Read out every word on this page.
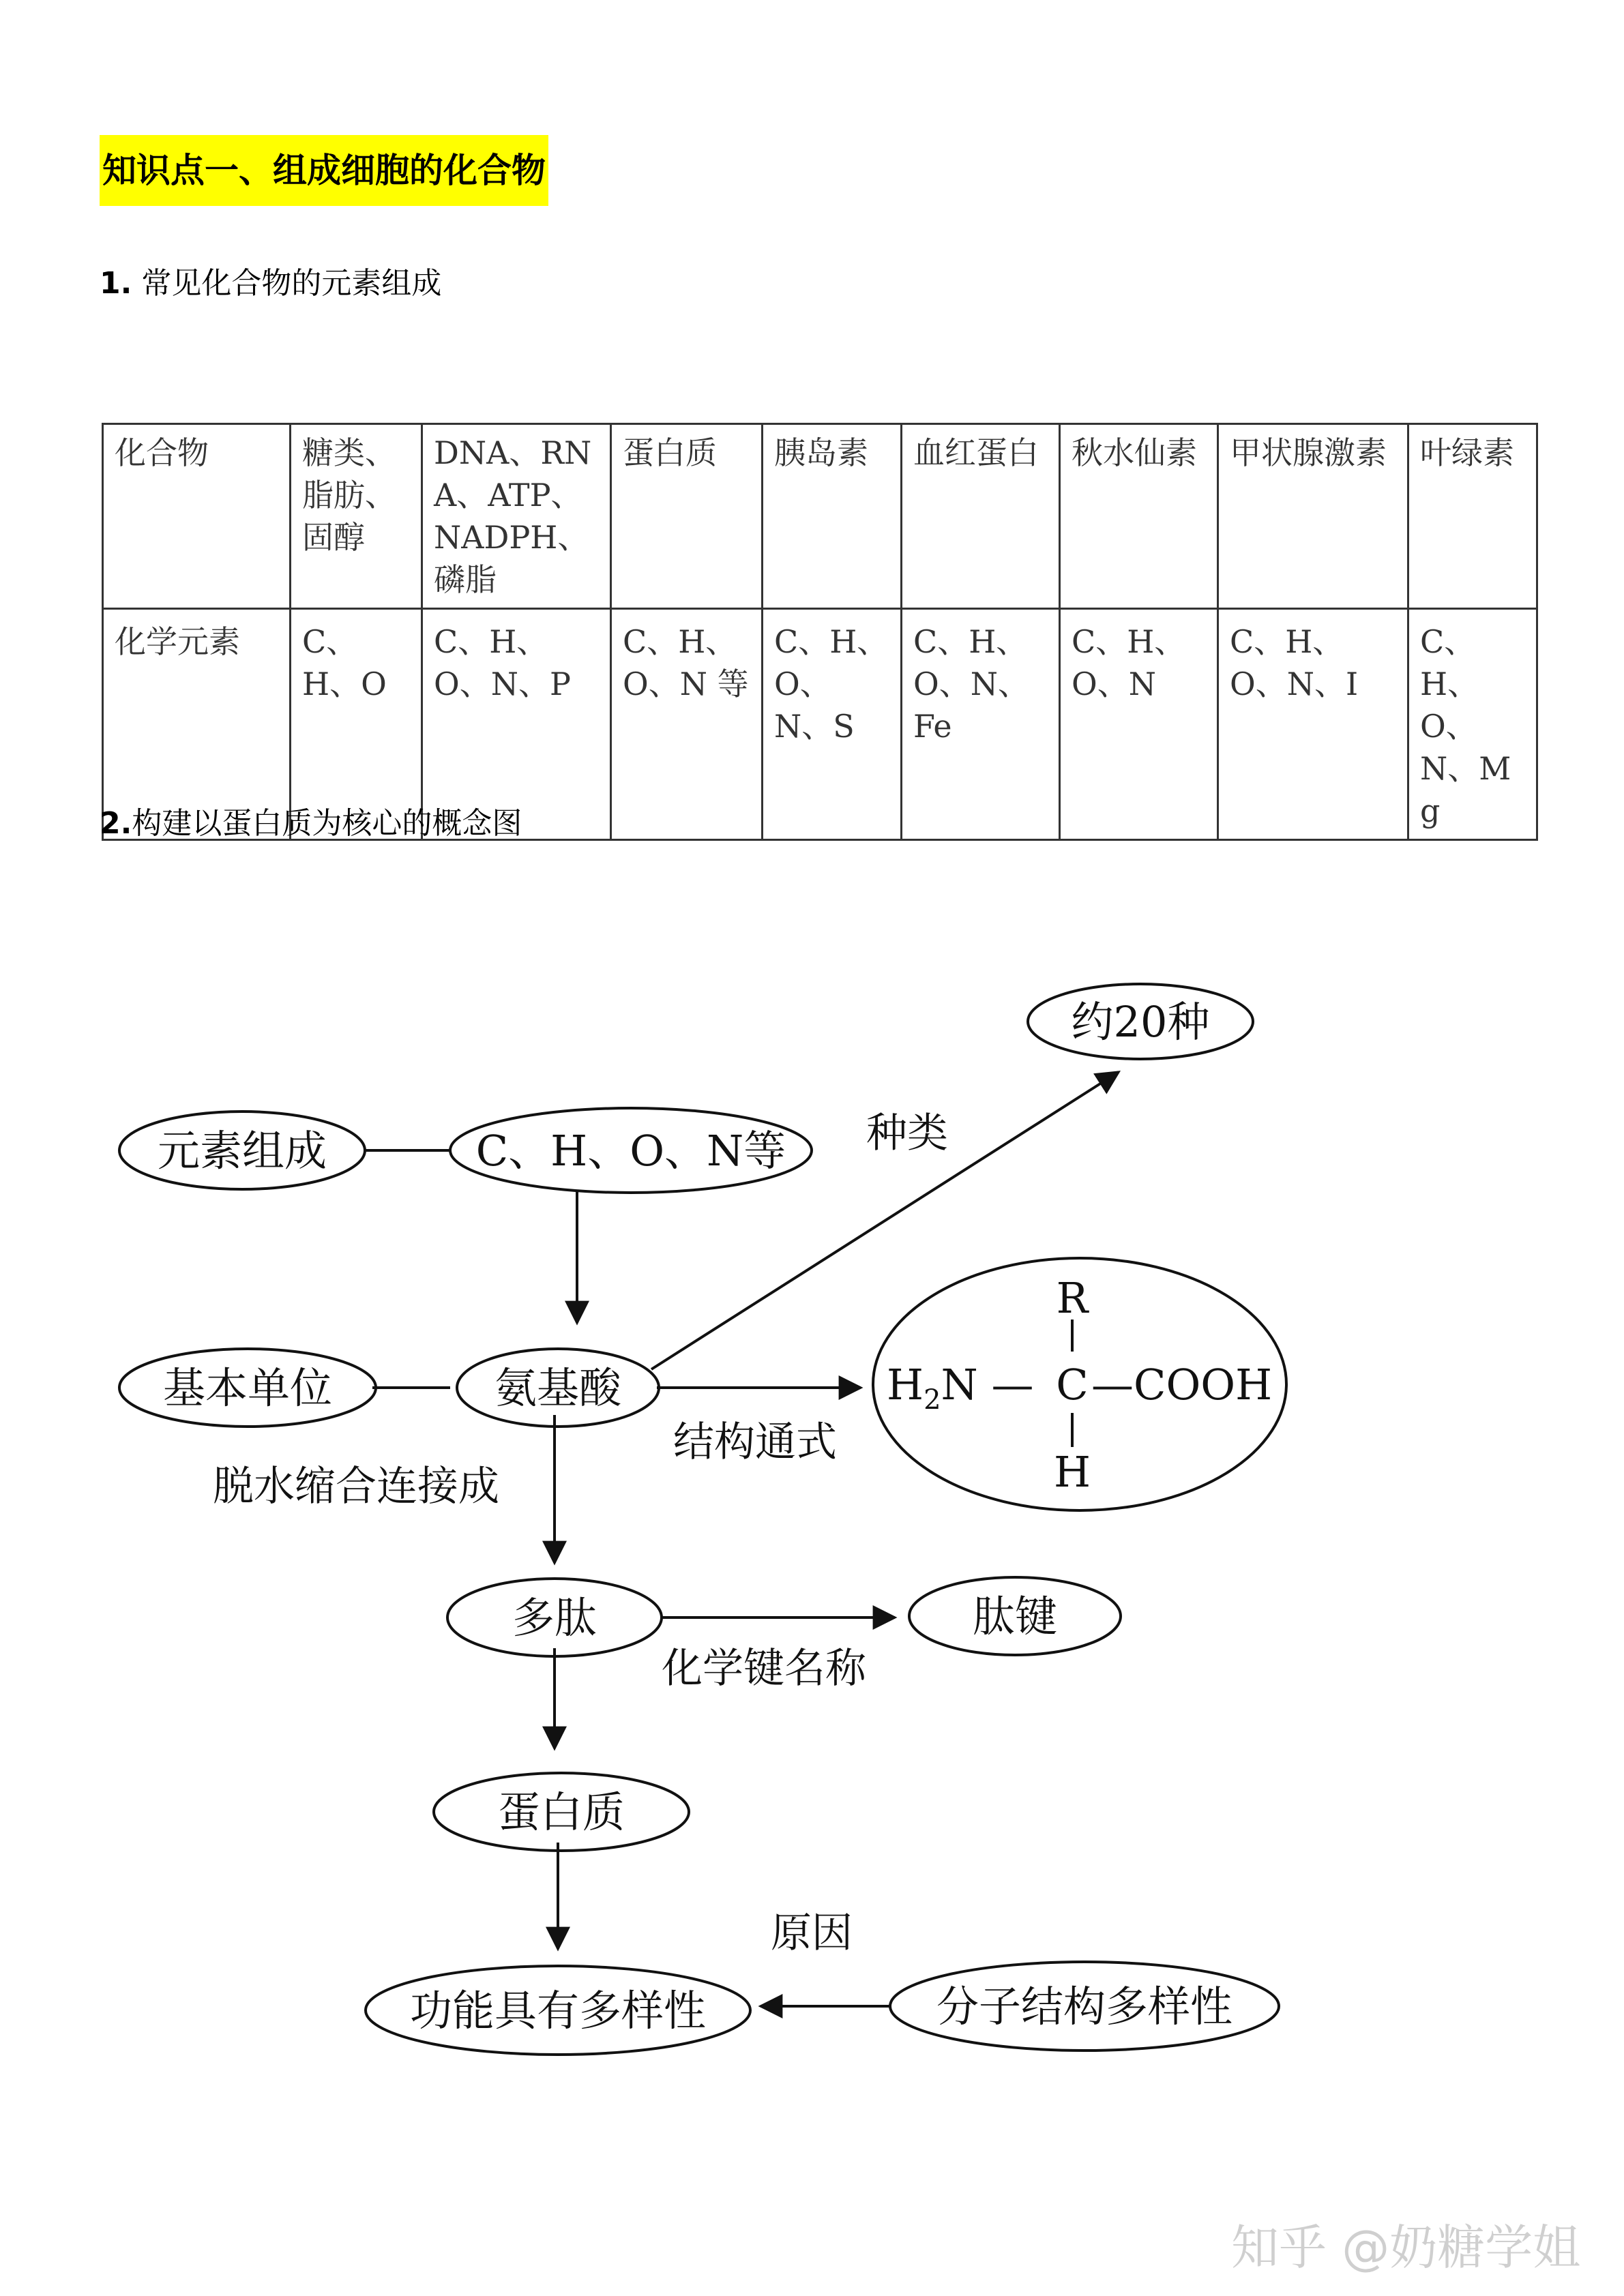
知识点一、组成细胞的化合物
1. 常见化合物的元素组成
化合物	糖类、脂肪、固醇	DNA、RNA、ATP、NADPH、磷脂	蛋白质	胰岛素	血红蛋白	秋水仙素	甲状腺激素	叶绿素
化学元素	C、H、O	C、H、O、N、P	C、H、O、N 等	C、H、O、N、S	C、H、O、N、Fe	C、H、O、N	C、H、O、N、I	C、H、O、N、Mg
2.构建以蛋白质为核心的概念图
元素组成	C、H、O、N等
约20种
基本单位	氨基酸
多肽	肽键
蛋白质
功能具有多样性	分子结构多样性
种类
结构通式
脱水缩合连接成
化学键名称
原因
R
$H_2N$ — C —COOH
H
知乎 @奶糖学姐
